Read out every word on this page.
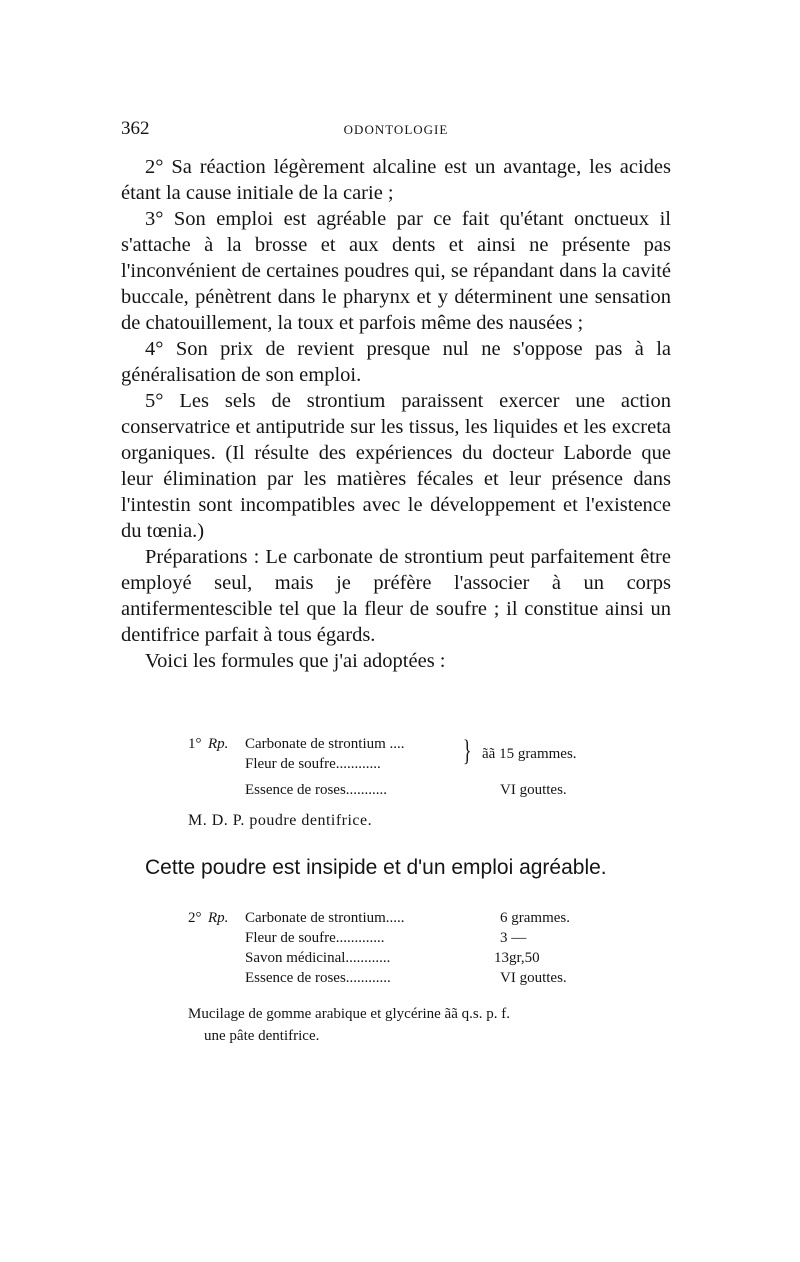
362	ODONTOLOGIE

2° Sa réaction légèrement alcaline est un avantage, les acides étant la cause initiale de la carie ;

3° Son emploi est agréable par ce fait qu'étant onctueux il s'attache à la brosse et aux dents et ainsi ne présente pas l'inconvénient de certaines poudres qui, se répandant dans la cavité buccale, pénètrent dans le pharynx et y déterminent une sensation de chatouillement, la toux et parfois même des nausées ;

4° Son prix de revient presque nul ne s'oppose pas à la généralisation de son emploi.

5° Les sels de strontium paraissent exercer une action conservatrice et antiputride sur les tissus, les liquides et les excreta organiques. (Il résulte des expériences du docteur Laborde que leur élimination par les matières fécales et leur présence dans l'intestin sont incompatibles avec le développement et l'existence du tœnia.)

Préparations : Le carbonate de strontium peut parfaitement être employé seul, mais je préfère l'associer à un corps antifermentescible tel que la fleur de soufre ; il constitue ainsi un dentifrice parfait à tous égards.

Voici les formules que j'ai adoptées :

1° Rp. Carbonate de strontium ....
Fleur de soufre............	} ãã 15 grammes.
Essence de roses...........	VI gouttes.
M. D. P. poudre dentifrice.
Cette poudre est insipide et d'un emploi agréable.
2° Rp. Carbonate de strontium.....	6 grammes.
Fleur de soufre.............	3 —
Savon médicinal............	13gr,50
Essence de roses............	VI gouttes.
Mucilage de gomme arabique et glycérine ãã q.s. p. f.
une pâte dentifrice.
